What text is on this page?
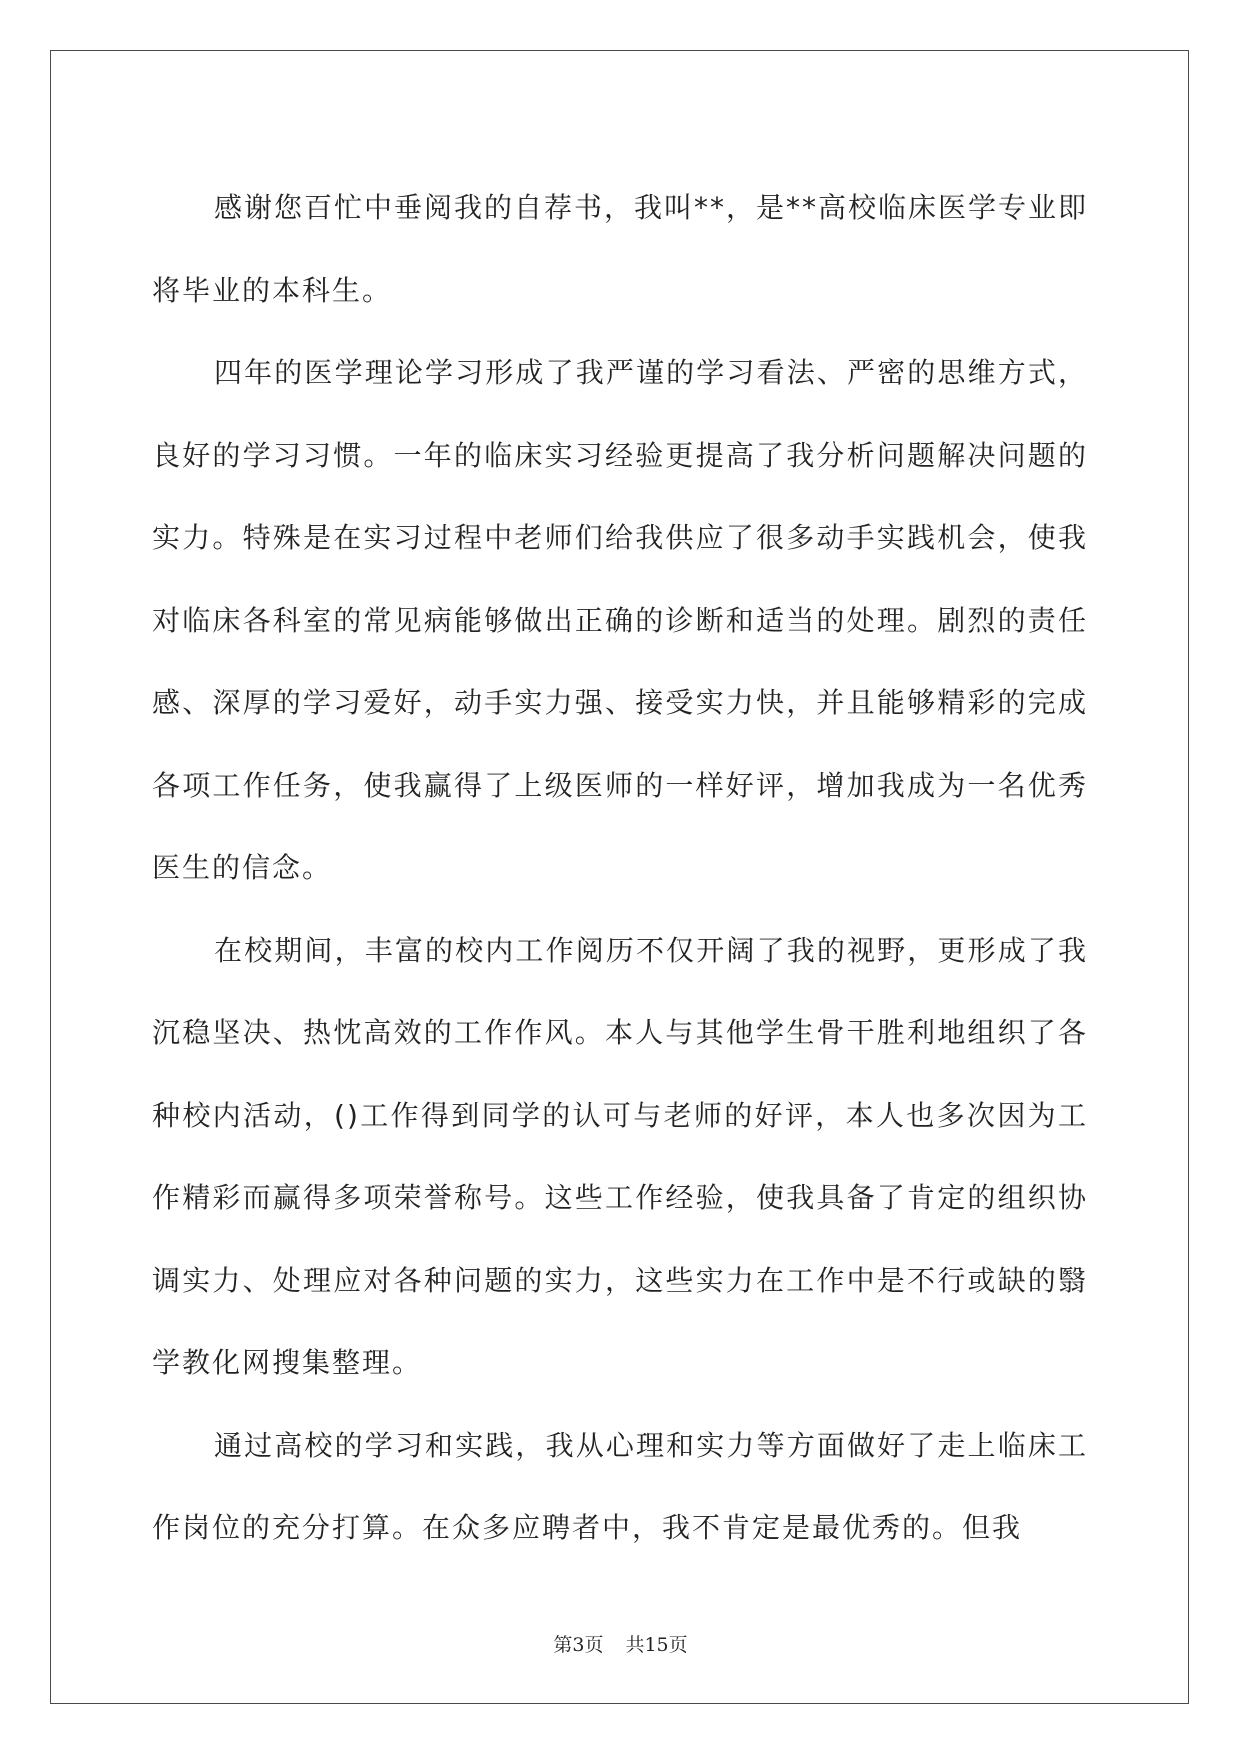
感谢您百忙中垂阅我的自荐书，我叫**，是**高校临床医学专业即将毕业的本科生。

四年的医学理论学习形成了我严谨的学习看法、严密的思维方式，良好的学习习惯。一年的临床实习经验更提高了我分析问题解决问题的实力。特殊是在实习过程中老师们给我供应了很多动手实践机会，使我对临床各科室的常见病能够做出正确的诊断和适当的处理。剧烈的责任感、深厚的学习爱好，动手实力强、接受实力快，并且能够精彩的完成各项工作任务，使我赢得了上级医师的一样好评，增加我成为一名优秀医生的信念。

在校期间，丰富的校内工作阅历不仅开阔了我的视野，更形成了我沉稳坚决、热忱高效的工作作风。本人与其他学生骨干胜利地组织了各种校内活动，()工作得到同学的认可与老师的好评，本人也多次因为工作精彩而赢得多项荣誉称号。这些工作经验，使我具备了肯定的组织协调实力、处理应对各种问题的实力，这些实力在工作中是不行或缺的翳学教化网搜集整理。

通过高校的学习和实践，我从心理和实力等方面做好了走上临床工作岗位的充分打算。在众多应聘者中，我不肯定是最优秀的。但我

第3页 共15页
